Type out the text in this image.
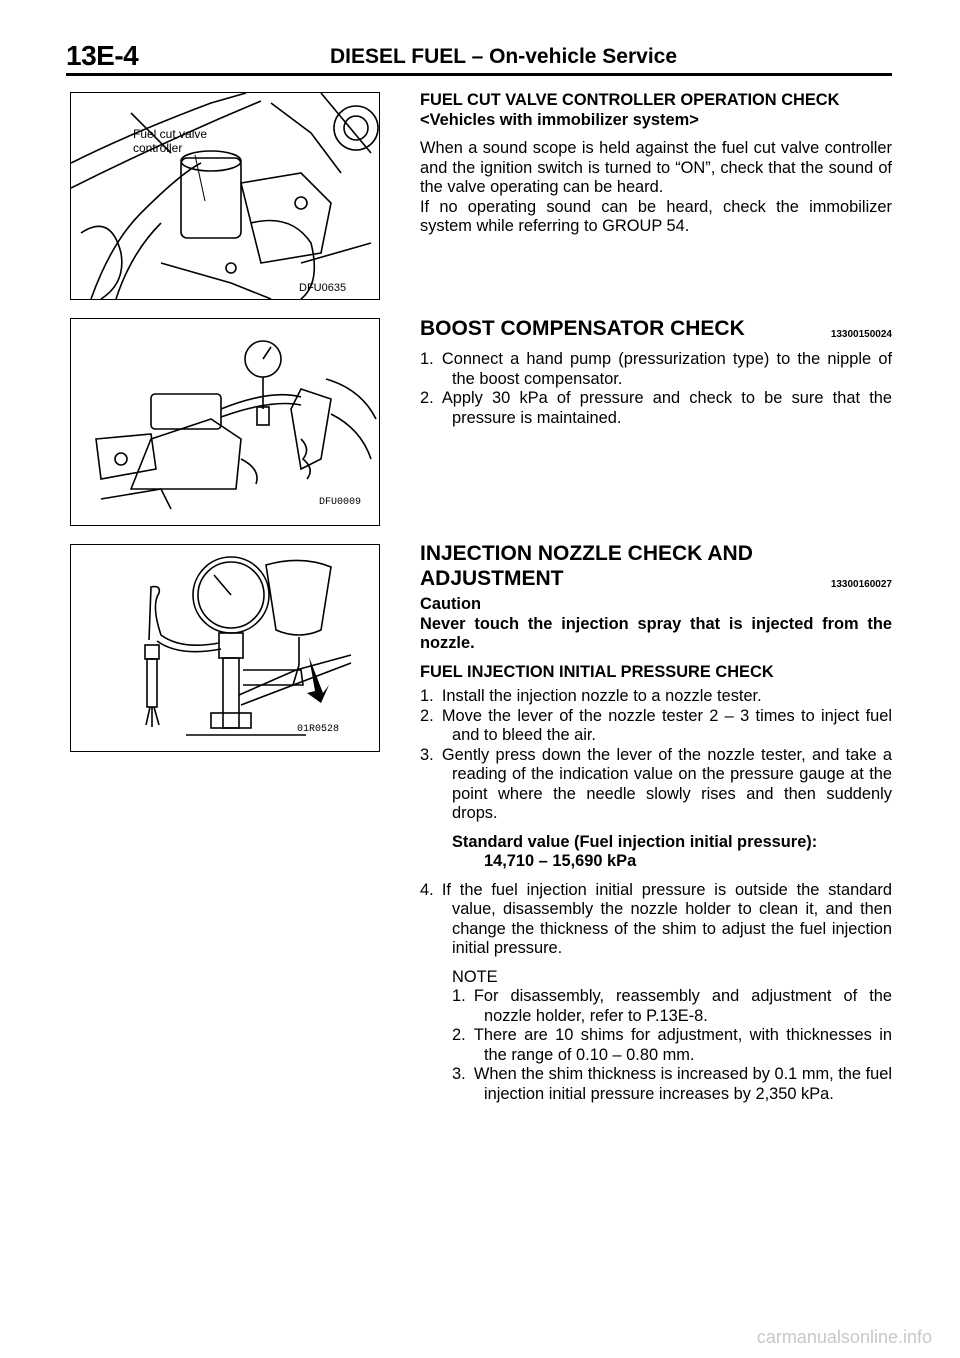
13E-4	DIESEL FUEL – On-vehicle Service
Fuel cut valve
controller
DFU0635
DFU0009
01R0528

FUEL CUT VALVE CONTROLLER OPERATION CHECK

<Vehicles with immobilizer system>

When a sound scope is held against the fuel cut valve controller and the ignition switch is turned to “ON”, check that the sound of the valve operating can be heard.

If no operating sound can be heard, check the immobilizer system while referring to GROUP 54.

BOOST COMPENSATOR CHECK	13300150024

1. Connect a hand pump (pressurization type) to the nipple of the boost compensator.

2. Apply 30 kPa of pressure and check to be sure that the pressure is maintained.

INJECTION NOZZLE CHECK AND
ADJUSTMENT	13300160027

Caution

Never touch the injection spray that is injected from the nozzle.

FUEL INJECTION INITIAL PRESSURE CHECK

1. Install the injection nozzle to a nozzle tester.

2. Move the lever of the nozzle tester 2 – 3 times to inject fuel and to bleed the air.

3. Gently press down the lever of the nozzle tester, and take a reading of the indication value on the pressure gauge at the point where the needle slowly rises and then suddenly drops.

Standard value (Fuel injection initial pressure):

14,710 – 15,690 kPa

4. If the fuel injection initial pressure is outside the standard value, disassembly the nozzle holder to clean it, and then change the thickness of the shim to adjust the fuel injection initial pressure.

NOTE

1. For disassembly, reassembly and adjustment of the nozzle holder, refer to P.13E-8.

2. There are 10 shims for adjustment, with thicknesses in the range of 0.10 – 0.80 mm.

3. When the shim thickness is increased by 0.1 mm, the fuel injection initial pressure increases by 2,350 kPa.

carmanualsonline.info
